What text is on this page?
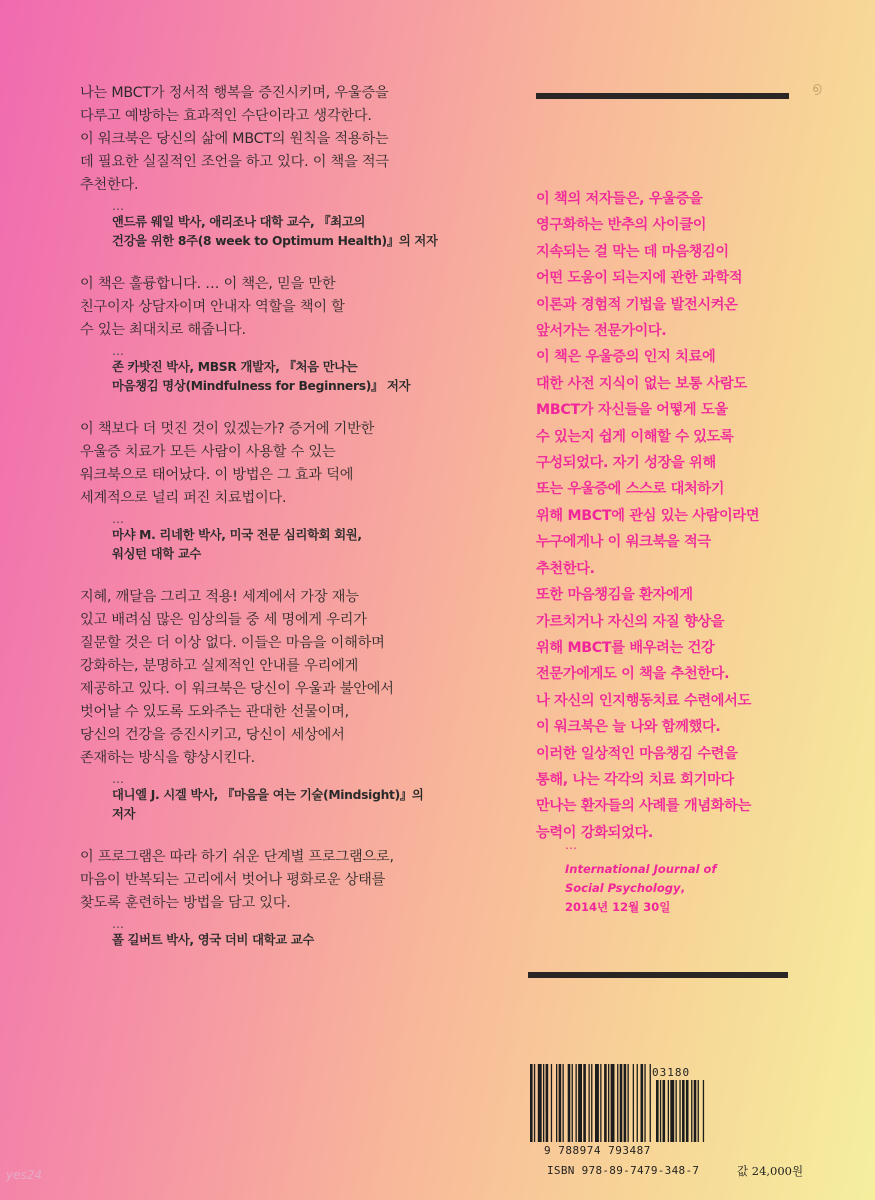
나는 MBCT가 정서적 행복을 증진시키며, 우울증을
다루고 예방하는 효과적인 수단이라고 생각한다.
이 워크북은 당신의 삶에 MBCT의 원칙을 적용하는
데 필요한 실질적인 조언을 하고 있다. 이 책을 적극
추천한다.
…
앤드류 웨일 박사, 애리조나 대학 교수, 『최고의
건강을 위한 8주(8 week to Optimum Health)』의 저자
이 책은 훌륭합니다. … 이 책은, 믿을 만한
친구이자 상담자이며 안내자 역할을 책이 할
수 있는 최대치로 해줍니다.
…
존 카밧진 박사, MBSR 개발자, 『처음 만나는
마음챙김 명상(Mindfulness for Beginners)』 저자
이 책보다 더 멋진 것이 있겠는가? 증거에 기반한
우울증 치료가 모든 사람이 사용할 수 있는
워크북으로 태어났다. 이 방법은 그 효과 덕에
세계적으로 널리 퍼진 치료법이다.
…
마샤 M. 리네한 박사, 미국 전문 심리학회 회원,
워싱턴 대학 교수
지혜, 깨달음 그리고 적용! 세계에서 가장 재능
있고 배려심 많은 임상의들 중 세 명에게 우리가
질문할 것은 더 이상 없다. 이들은 마음을 이해하며
강화하는, 분명하고 실제적인 안내를 우리에게
제공하고 있다. 이 워크북은 당신이 우울과 불안에서
벗어날 수 있도록 도와주는 관대한 선물이며,
당신의 건강을 증진시키고, 당신이 세상에서
존재하는 방식을 향상시킨다.
…
대니엘 J. 시겔 박사, 『마음을 여는 기술(Mindsight)』의
저자
이 프로그램은 따라 하기 쉬운 단계별 프로그램으로,
마음이 반복되는 고리에서 벗어나 평화로운 상태를
찾도록 훈련하는 방법을 담고 있다.
…
폴 길버트 박사, 영국 더비 대학교 교수
൭
이 책의 저자들은, 우울증을
영구화하는 반추의 사이클이
지속되는 걸 막는 데 마음챙김이
어떤 도움이 되는지에 관한 과학적
이론과 경험적 기법을 발전시켜온
앞서가는 전문가이다.
이 책은 우울증의 인지 치료에
대한 사전 지식이 없는 보통 사람도
MBCT가 자신들을 어떻게 도울
수 있는지 쉽게 이해할 수 있도록
구성되었다. 자기 성장을 위해
또는 우울증에 스스로 대처하기
위해 MBCT에 관심 있는 사람이라면
누구에게나 이 워크북을 적극
추천한다.
또한 마음챙김을 환자에게
가르치거나 자신의 자질 향상을
위해 MBCT를 배우려는 건강
전문가에게도 이 책을 추천한다.
나 자신의 인지행동치료 수련에서도
이 워크북은 늘 나와 함께했다.
이러한 일상적인 마음챙김 수련을
통해, 나는 각각의 치료 회기마다
만나는 환자들의 사례를 개념화하는
능력이 강화되었다.
…
International Journal of
Social Psychology,
2014년 12월 30일
03180
9 788974 793487
ISBN 978-89-7479-348-7	값 24,000원
yes24
